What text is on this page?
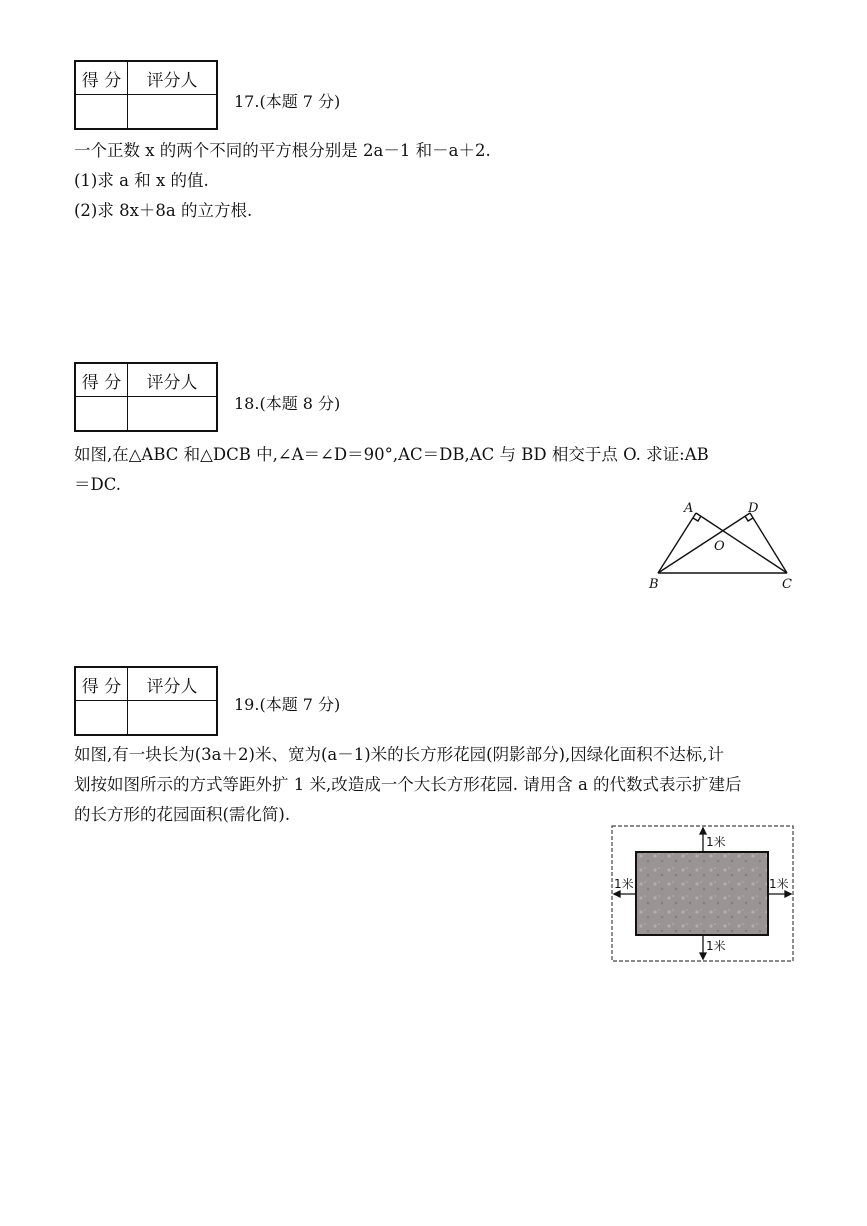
得 分	评分人
17.(本题 7 分)

一个正数 x 的两个不同的平方根分别是 2a－1 和－a＋2.
(1)求 a 和 x 的值.
(2)求 8x＋8a 的立方根.

得 分	评分人
18.(本题 8 分)

如图,在△ABC 和△DCB 中,∠A＝∠D＝90°,AC＝DB,AC 与 BD 相交于点 O. 求证:AB
＝DC.

A	D
O
B	C
得 分	评分人
19.(本题 7 分)

如图,有一块长为(3a＋2)米、宽为(a－1)米的长方形花园(阴影部分),因绿化面积不达标,计
划按如图所示的方式等距外扩 1 米,改造成一个大长方形花园. 请用含 a 的代数式表示扩建后
的长方形的花园面积(需化简).

1米
1米	1米
1米
